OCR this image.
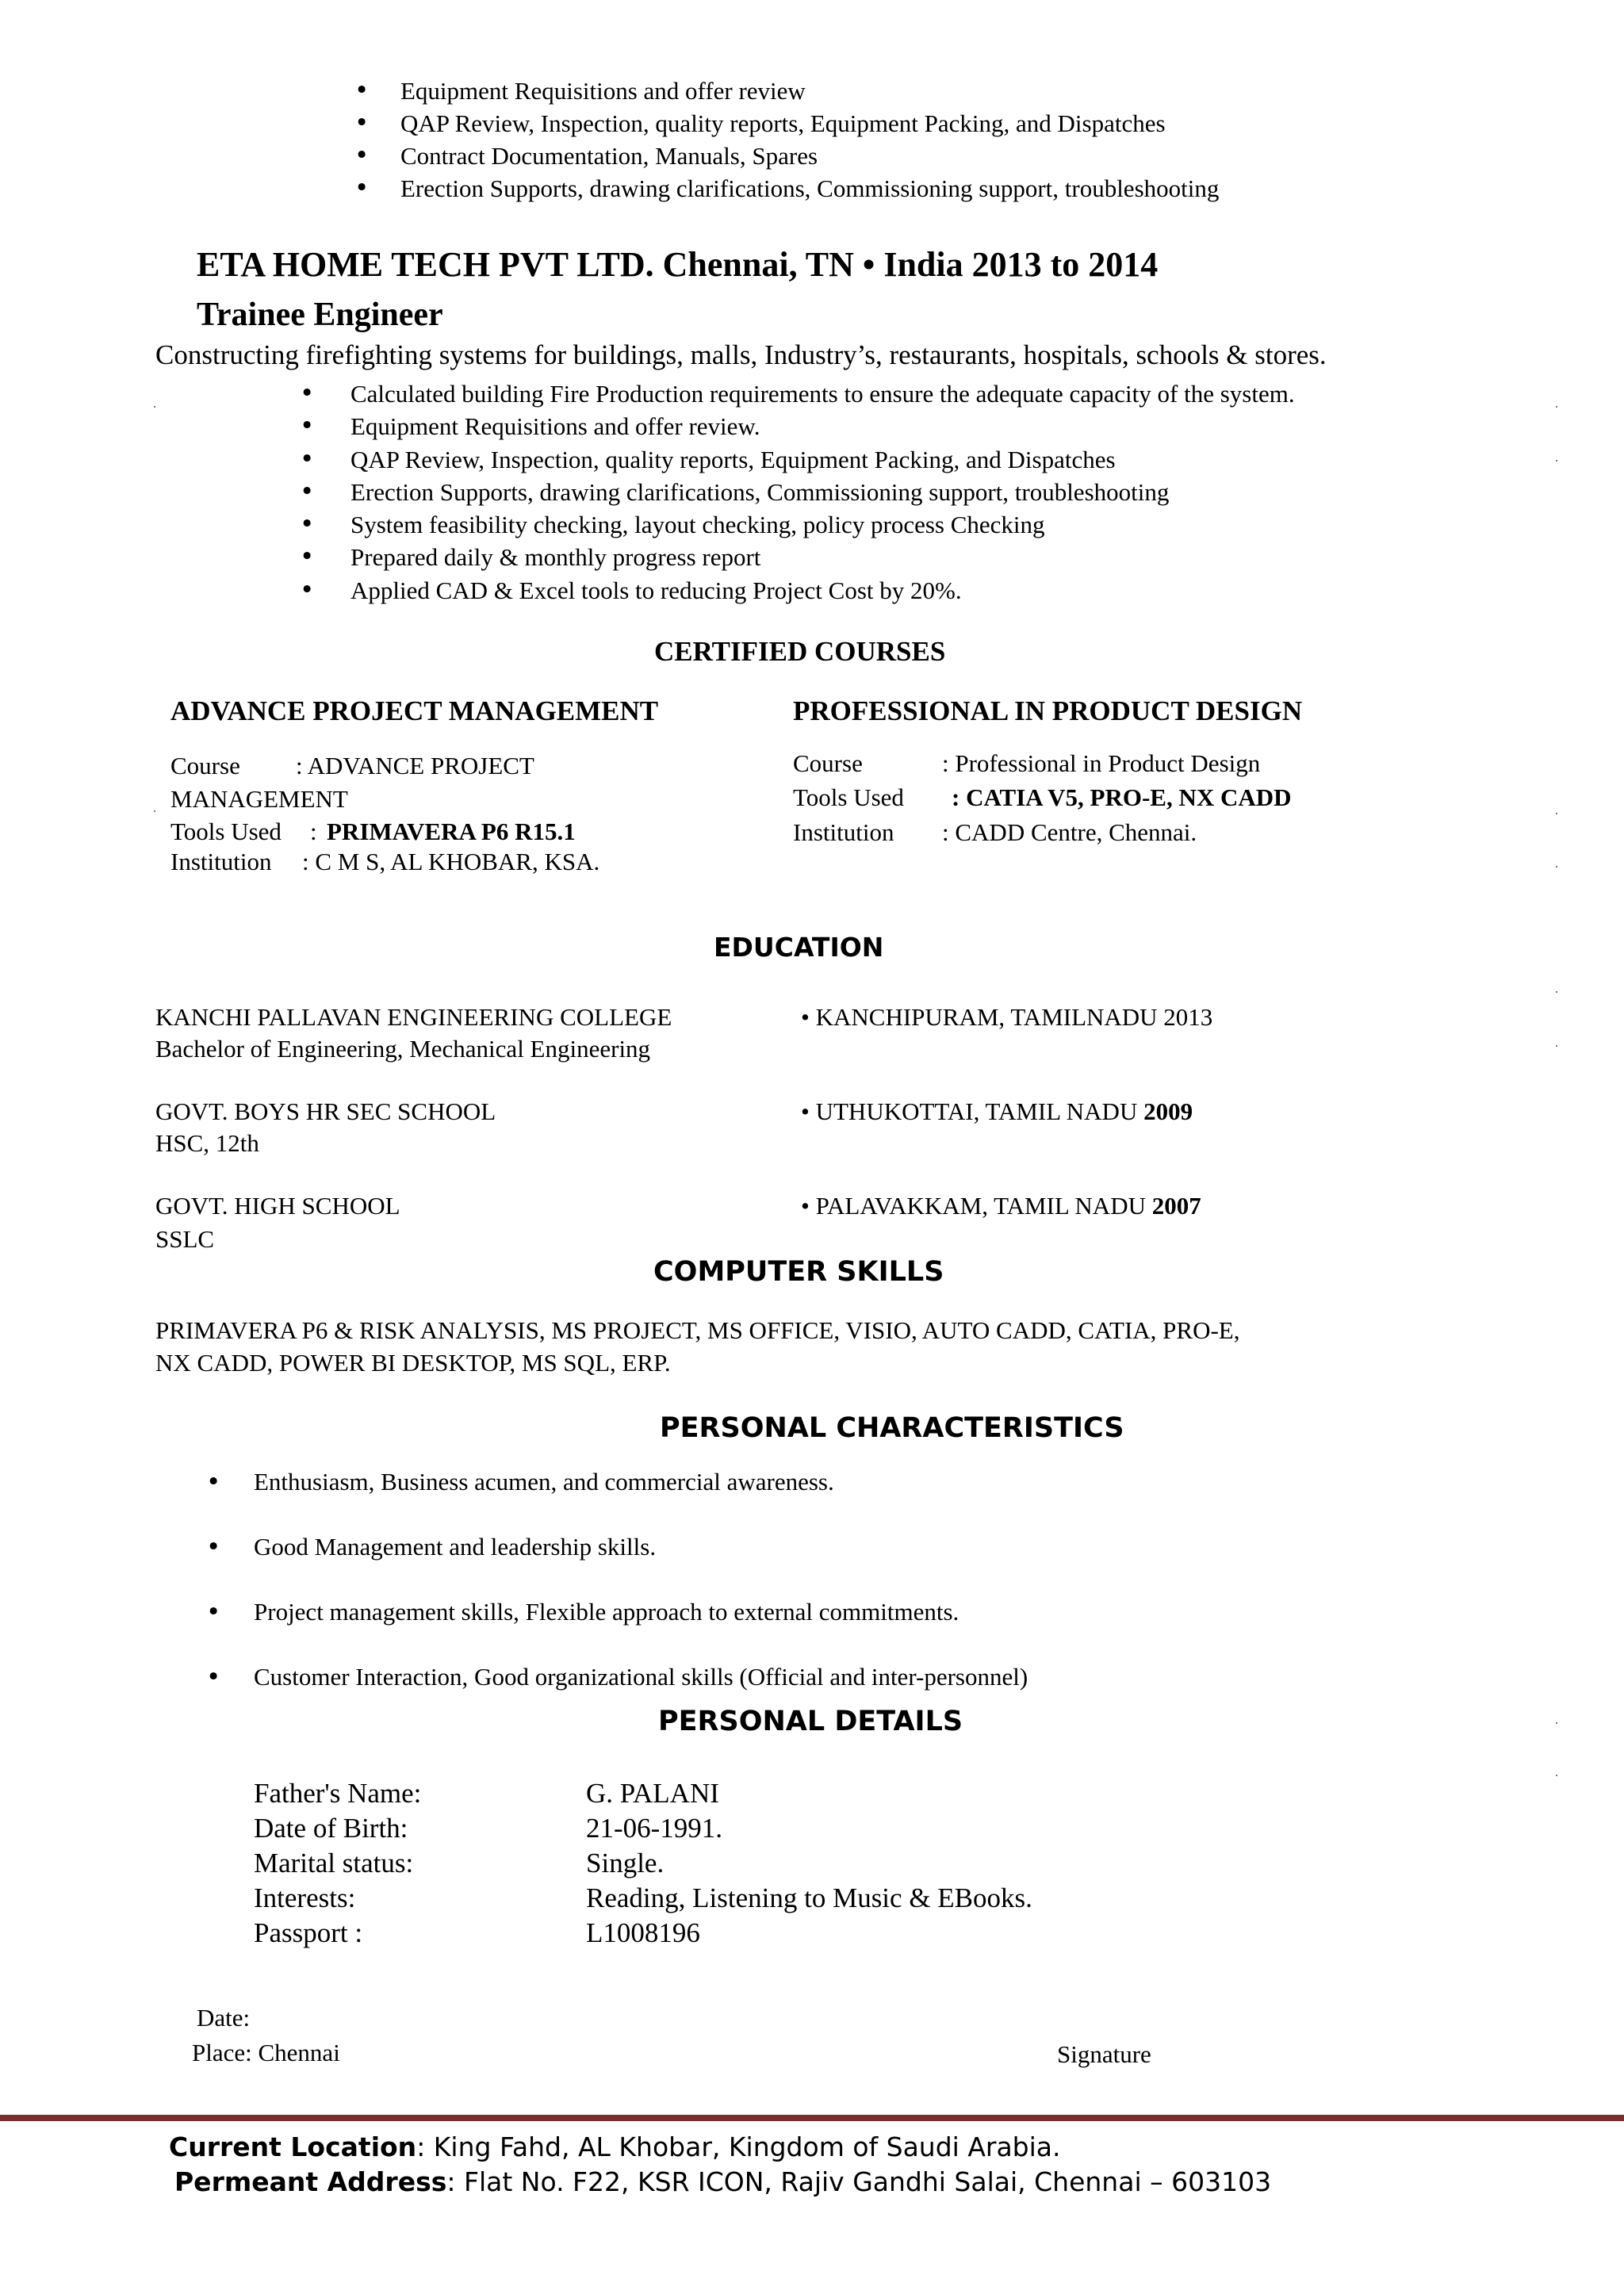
• Equipment Requisitions and offer review
• QAP Review, Inspection, quality reports, Equipment Packing, and Dispatches
• Contract Documentation, Manuals, Spares
• Erection Supports, drawing clarifications, Commissioning support, troubleshooting
ETA HOME TECH PVT LTD. Chennai, TN • India 2013 to 2014
Trainee Engineer
Constructing firefighting systems for buildings, malls, Industry’s, restaurants, hospitals, schools & stores.
• Calculated building Fire Production requirements to ensure the adequate capacity of the system.
• Equipment Requisitions and offer review.
• QAP Review, Inspection, quality reports, Equipment Packing, and Dispatches
• Erection Supports, drawing clarifications, Commissioning support, troubleshooting
• System feasibility checking, layout checking, policy process Checking
• Prepared daily & monthly progress report
• Applied CAD & Excel tools to reducing Project Cost by 20%.
CERTIFIED COURSES
ADVANCE PROJECT MANAGEMENT
Course : ADVANCE PROJECT
MANAGEMENT
Tools Used : PRIMAVERA P6 R15.1
Institution : C M S, AL KHOBAR, KSA.
PROFESSIONAL IN PRODUCT DESIGN
Course	: Professional in Product Design
Tools Used : CATIA V5, PRO-E, NX CADD
Institution : CADD Centre, Chennai.
EDUCATION
KANCHI PALLAVAN ENGINEERING COLLEGE
Bachelor of Engineering, Mechanical Engineering
• KANCHIPURAM, TAMILNADU 2013
GOVT. BOYS HR SEC SCHOOL
HSC, 12th
• UTHUKOTTAI, TAMIL NADU 2009
GOVT. HIGH SCHOOL
SSLC
• PALAVAKKAM, TAMIL NADU 2007
COMPUTER SKILLS
PRIMAVERA P6 & RISK ANALYSIS, MS PROJECT, MS OFFICE, VISIO, AUTO CADD, CATIA, PRO-E,
NX CADD, POWER BI DESKTOP, MS SQL, ERP.
PERSONAL CHARACTERISTICS
• Enthusiasm, Business acumen, and commercial awareness.
• Good Management and leadership skills.
• Project management skills, Flexible approach to external commitments.
• Customer Interaction, Good organizational skills (Official and inter-personnel)
PERSONAL DETAILS
Father's Name:	G. PALANI
Date of Birth:	21-06-1991.
Marital status:	Single.
Interests:	Reading, Listening to Music & EBooks.
Passport :	L1008196
Date:
Place: Chennai	Signature
Current Location: King Fahd, AL Khobar, Kingdom of Saudi Arabia.
Permeant Address: Flat No. F22, KSR ICON, Rajiv Gandhi Salai, Chennai – 603103
